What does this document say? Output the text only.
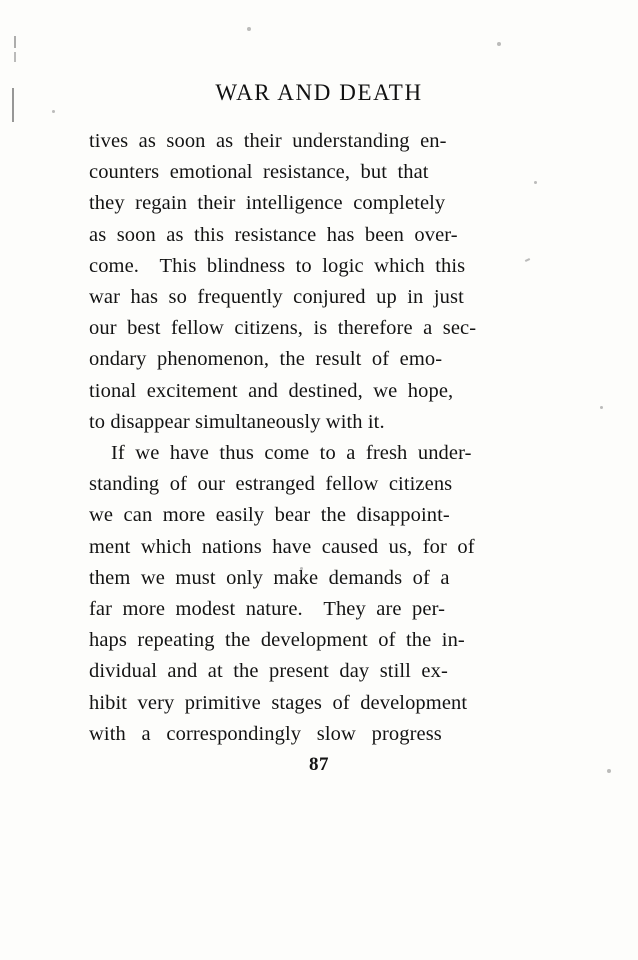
WAR AND DEATH
tives  as  soon  as  their  understanding  en-
counters  emotional  resistance,  but  that
they  regain  their  intelligence  completely
as  soon  as  this  resistance  has  been  over-
come.    This  blindness  to  logic  which  this
war  has  so  frequently  conjured  up  in  just
our  best  fellow  citizens,  is  therefore  a  sec-
ondary  phenomenon,  the  result  of  emo-
tional  excitement  and  destined,  we  hope,
to disappear simultaneously with it.
If  we  have  thus  come  to  a  fresh  under-
standing  of  our  estranged  fellow  citizens
we  can  more  easily  bear  the  disappoint-
ment  which  nations  have  caused  us,  for  of
them  we  must  only  make  demands  of  a
far  more  modest  nature.    They  are  per-
haps  repeating  the  development  of  the  in-
dividual  and  at  the  present  day  still  ex-
hibit  very  primitive  stages  of  development
with   a   correspondingly   slow   progress
87
